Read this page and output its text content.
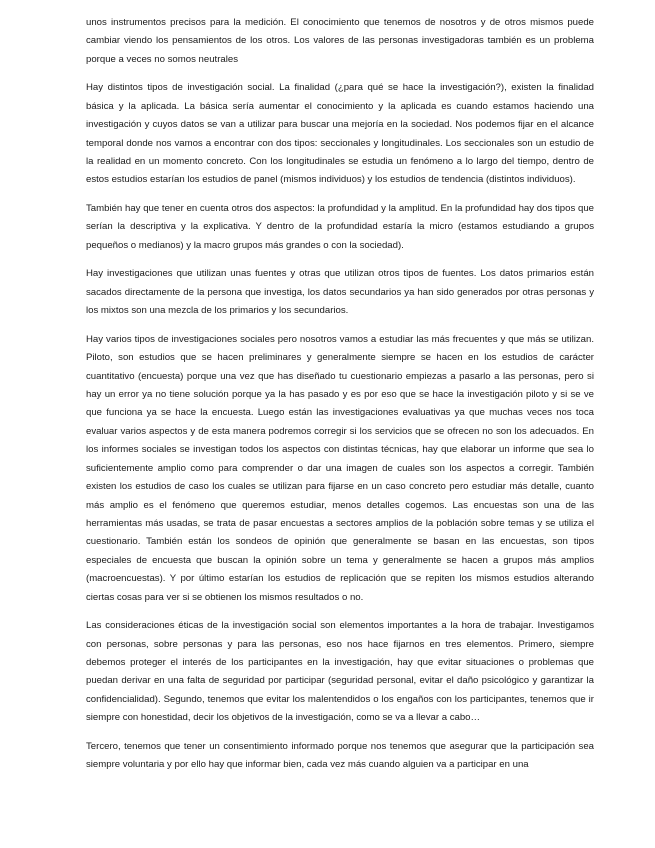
unos instrumentos precisos para la medición. El conocimiento que tenemos de nosotros y de otros mismos puede cambiar viendo los pensamientos de los otros. Los valores de las personas investigadoras también es un problema porque a veces no somos neutrales

Hay distintos tipos de investigación social. La finalidad (¿para qué se hace la investigación?), existen la finalidad básica y la aplicada. La básica sería aumentar el conocimiento y la aplicada es cuando estamos haciendo una investigación y cuyos datos se van a utilizar para buscar una mejoría en la sociedad. Nos podemos fijar en el alcance temporal donde nos vamos a encontrar con dos tipos: seccionales y longitudinales. Los seccionales son un estudio de la realidad en un momento concreto. Con los longitudinales se estudia un fenómeno a lo largo del tiempo, dentro de estos estudios estarían los estudios de panel (mismos individuos) y los estudios de tendencia (distintos individuos).

También hay que tener en cuenta otros dos aspectos: la profundidad y la amplitud. En la profundidad hay dos tipos que serían la descriptiva y la explicativa. Y dentro de la profundidad estaría la micro (estamos estudiando a grupos pequeños o medianos) y la macro grupos más grandes o con la sociedad).

Hay investigaciones que utilizan unas fuentes y otras que utilizan otros tipos de fuentes. Los datos primarios están sacados directamente de la persona que investiga, los datos secundarios ya han sido generados por otras personas y los mixtos son una mezcla de los primarios y los secundarios.

Hay varios tipos de investigaciones sociales pero nosotros vamos a estudiar las más frecuentes y que más se utilizan. Piloto, son estudios que se hacen preliminares y generalmente siempre se hacen en los estudios de carácter cuantitativo (encuesta) porque una vez que has diseñado tu cuestionario empiezas a pasarlo a las personas, pero si hay un error ya no tiene solución porque ya la has pasado y es por eso que se hace la investigación piloto y si se ve que funciona ya se hace la encuesta. Luego están las investigaciones evaluativas ya que muchas veces nos toca evaluar varios aspectos y de esta manera podremos corregir si los servicios que se ofrecen no son los adecuados. En los informes sociales se investigan todos los aspectos con distintas técnicas, hay que elaborar un informe que sea lo suficientemente amplio como para comprender o dar una imagen de cuales son los aspectos a corregir. También existen los estudios de caso los cuales se utilizan para fijarse en un caso concreto pero estudiar más detalle, cuanto más amplio es el fenómeno que queremos estudiar, menos detalles cogemos. Las encuestas son una de las herramientas más usadas, se trata de pasar encuestas a sectores amplios de la población sobre temas y se utiliza el cuestionario. También están los sondeos de opinión que generalmente se basan en las encuestas, son tipos especiales de encuesta que buscan la opinión sobre un tema y generalmente se hacen a grupos más amplios (macroencuestas). Y por último estarían los estudios de replicación que se repiten los mismos estudios alterando ciertas cosas para ver si se obtienen los mismos resultados o no.

Las consideraciones éticas de la investigación social son elementos importantes a la hora de trabajar. Investigamos con personas, sobre personas y para las personas, eso nos hace fijarnos en tres elementos. Primero, siempre debemos proteger el interés de los participantes en la investigación, hay que evitar situaciones o problemas que puedan derivar en una falta de seguridad por participar (seguridad personal, evitar el daño psicológico y garantizar la confidencialidad). Segundo, tenemos que evitar los malentendidos o los engaños con los participantes, tenemos que ir siempre con honestidad, decir los objetivos de la investigación, como se va a llevar a cabo…

Tercero, tenemos que tener un consentimiento informado porque nos tenemos que asegurar que la participación sea siempre voluntaria y por ello hay que informar bien, cada vez más cuando alguien va a participar en una
